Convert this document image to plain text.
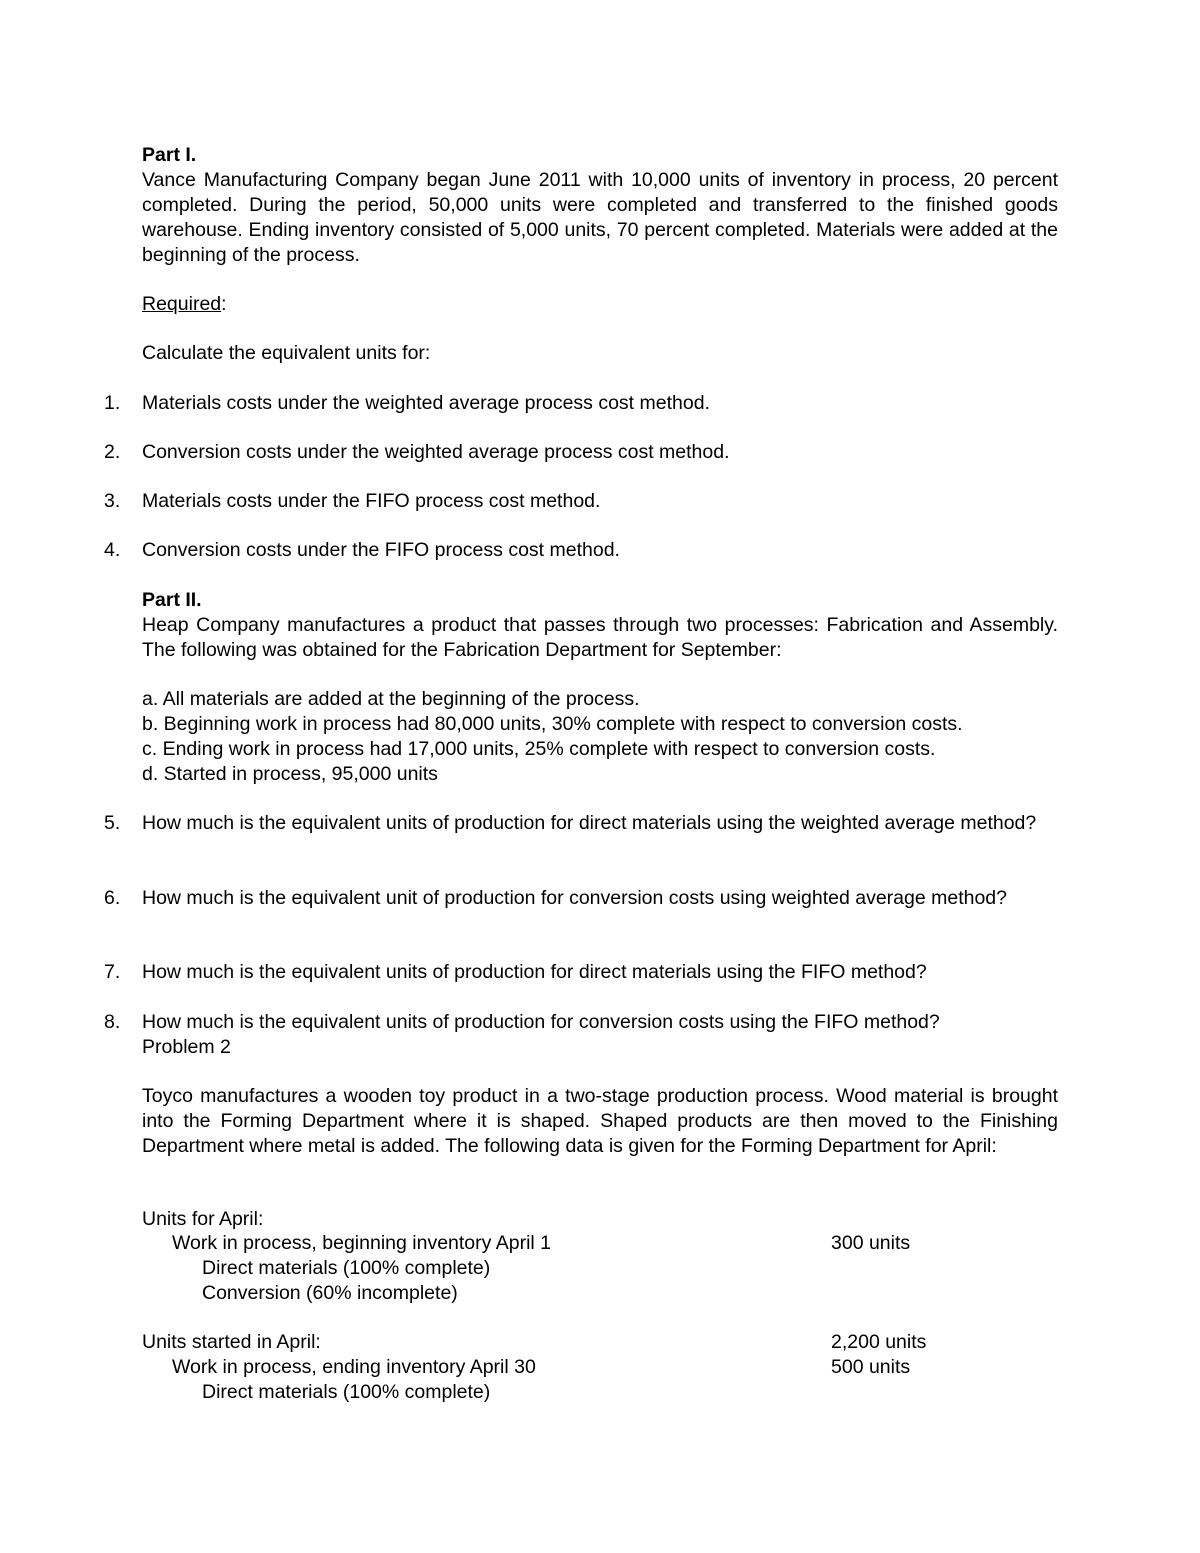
Part I.
Vance Manufacturing Company began June 2011 with 10,000 units of inventory in process, 20 percent completed. During the period, 50,000 units were completed and transferred to the finished goods warehouse. Ending inventory consisted of 5,000 units, 70 percent completed. Materials were added at the beginning of the process.
Required:
Calculate the equivalent units for:
1. Materials costs under the weighted average process cost method.
2. Conversion costs under the weighted average process cost method.
3. Materials costs under the FIFO process cost method.
4. Conversion costs under the FIFO process cost method.
Part II.
Heap Company manufactures a product that passes through two processes: Fabrication and Assembly. The following was obtained for the Fabrication Department for September:
a. All materials are added at the beginning of the process.
b. Beginning work in process had 80,000 units, 30% complete with respect to conversion costs.
c. Ending work in process had 17,000 units, 25% complete with respect to conversion costs.
d. Started in process, 95,000 units
5. How much is the equivalent units of production for direct materials using the weighted average method?
6. How much is the equivalent unit of production for conversion costs using weighted average method?
7. How much is the equivalent units of production for direct materials using the FIFO method?
8. How much is the equivalent units of production for conversion costs using the FIFO method?
Problem 2
Toyco manufactures a wooden toy product in a two-stage production process. Wood material is brought into the Forming Department where it is shaped. Shaped products are then moved to the Finishing Department where metal is added. The following data is given for the Forming Department for April:
Units for April:
Work in process, beginning inventory April 1	300 units
Direct materials (100% complete)
Conversion (60% incomplete)
Units started in April:	2,200 units
Work in process, ending inventory April 30	500 units
Direct materials (100% complete)
